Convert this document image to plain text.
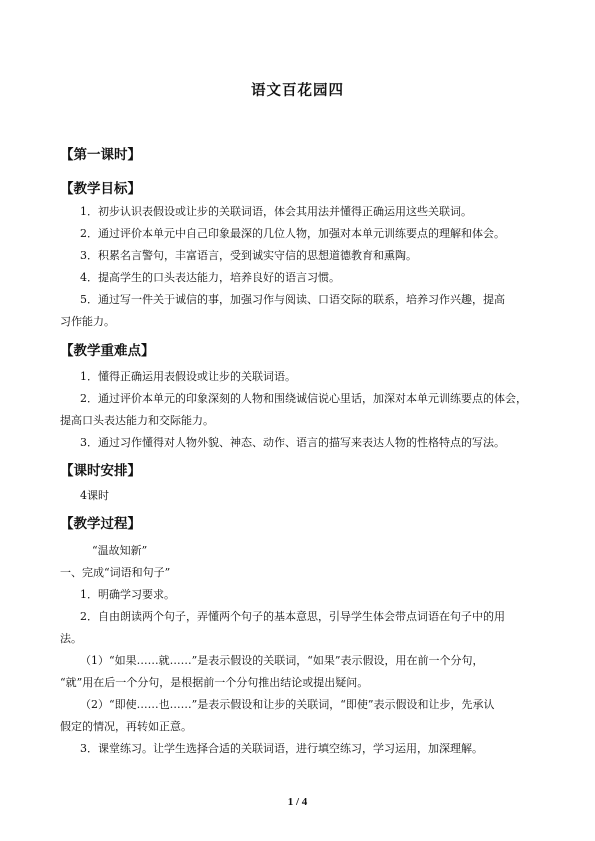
语文百花园四
【第一课时】
【教学目标】
1．初步认识表假设或让步的关联词语，体会其用法并懂得正确运用这些关联词。
2．通过评价本单元中自己印象最深的几位人物，加强对本单元训练要点的理解和体会。
3．积累名言警句，丰富语言，受到诚实守信的思想道德教育和熏陶。
4．提高学生的口头表达能力，培养良好的语言习惯。
5．通过写一件关于诚信的事，加强习作与阅读、口语交际的联系，培养习作兴趣，提高
习作能力。
【教学重难点】
1．懂得正确运用表假设或让步的关联词语。
2．通过评价本单元的印象深刻的人物和围绕诚信说心里话，加深对本单元训练要点的体会，
提高口头表达能力和交际能力。
3．通过习作懂得对人物外貌、神态、动作、语言的描写来表达人物的性格特点的写法。
【课时安排】
4课时
【教学过程】
“温故知新”
一、完成“词语和句子”
1．明确学习要求。
2．自由朗读两个句子，弄懂两个句子的基本意思，引导学生体会带点词语在句子中的用
法。
（1）“如果……就……”是表示假设的关联词，“如果”表示假设，用在前一个分句，
“就”用在后一个分句，是根据前一个分句推出结论或提出疑问。
（2）“即使……也……”是表示假设和让步的关联词，“即使”表示假设和让步，先承认
假定的情况，再转如正意。
3．课堂练习。让学生选择合适的关联词语，进行填空练习，学习运用，加深理解。
1 / 4
